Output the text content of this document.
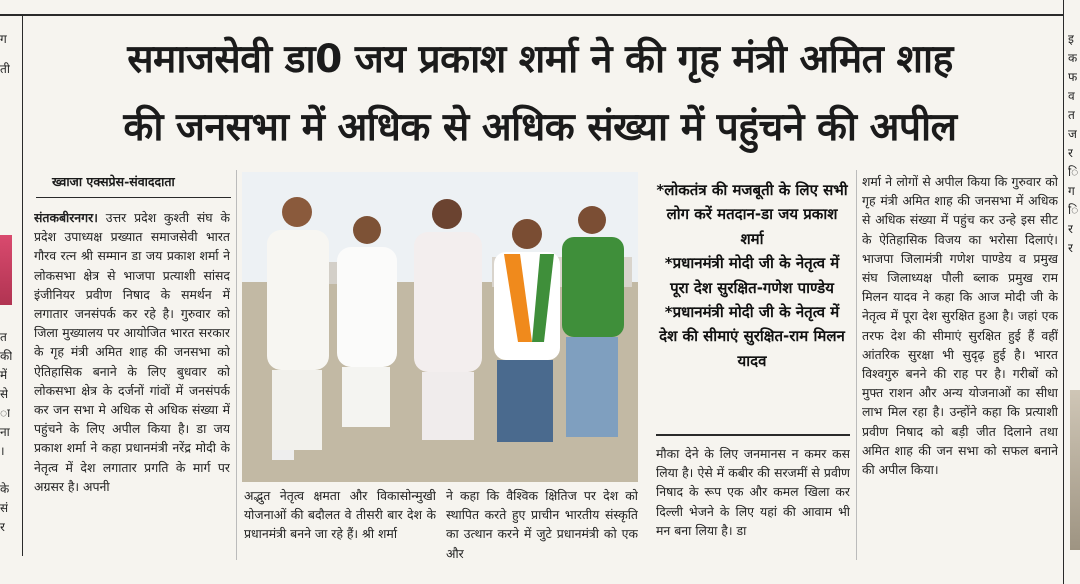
ग
ती
त
की
में
से
ा
ना
।
के
सं
र
इ
क
फ
व
त
ज
र
ि
ग
ि
र
र
समाजसेवी डा0 जय प्रकाश शर्मा ने की गृह मंत्री अमित शाह
की जनसभा में अधिक से अधिक संख्या में पहुंचने की अपील
ख्वाजा एक्सप्रेस-संवाददाता
संतकबीरनगर। उत्तर प्रदेश कुश्ती संघ के प्रदेश उपाध्यक्ष प्रख्यात समाजसेवी भारत गौरव रत्न श्री सम्मान डा जय प्रकाश शर्मा ने लोकसभा क्षेत्र से भाजपा प्रत्याशी सांसद इंजीनियर प्रवीण निषाद के समर्थन में लगातार जनसंपर्क कर रहे है। गुरुवार को जिला मुख्यालय पर आयोजित भारत सरकार के गृह मंत्री अमित शाह की जनसभा को ऐतिहासिक बनाने के लिए बुधवार को लोकसभा क्षेत्र के दर्जनों गांवों में जनसंपर्क कर जन सभा मे अधिक से अधिक संख्या में पहुंचने के लिए अपील किया है। डा जय प्रकाश शर्मा ने कहा प्रधानमंत्री नरेंद्र मोदी के नेतृत्व में देश लगातार प्रगति के मार्ग पर अग्रसर है। अपनी
अद्भुत नेतृत्व क्षमता और विकासोन्मुखी योजनाओं की बदौलत वे तीसरी बार देश के प्रधानमंत्री बनने जा रहे हैं। श्री शर्मा
ने कहा कि वैश्विक क्षितिज पर देश को स्थापित करते हुए प्राचीन भारतीय संस्कृति का उत्थान करने में जुटे प्रधानमंत्री को एक और
*लोकतंत्र की मजबूती के लिए सभी लोग करें मतदान-डा जय प्रकाश शर्मा
*प्रधानमंत्री मोदी जी के नेतृत्व में पूरा देश सुरक्षित-गणेश पाण्डेय
*प्रधानमंत्री मोदी जी के नेतृत्व में देश की सीमाएं सुरक्षित-राम मिलन यादव
मौका देने के लिए जनमानस न कमर कस लिया है। ऐसे में कबीर की सरजमीं से प्रवीण निषाद के रूप एक और कमल खिला कर दिल्ली भेजने के लिए यहां की आवाम भी मन बना लिया है। डा
शर्मा ने लोगों से अपील किया कि गुरुवार को गृह मंत्री अमित शाह की जनसभा में अधिक से अधिक संख्या में पहुंच कर उन्हे इस सीट के ऐतिहासिक विजय का भरोसा दिलाएं। भाजपा जिलामंत्री गणेश पाण्डेय व प्रमुख संघ जिलाध्यक्ष पौली ब्लाक प्रमुख राम मिलन यादव ने कहा कि आज मोदी जी के नेतृत्व में पूरा देश सुरक्षित हुआ है। जहां एक तरफ देश की सीमाएं सुरक्षित हुई हैं वहीं आंतरिक सुरक्षा भी सुदृढ़ हुई है। भारत विश्वगुरु बनने की राह पर है। गरीबों को मुफ्त राशन और अन्य योजनाओं का सीधा लाभ मिल रहा है। उन्होंने कहा कि प्रत्याशी प्रवीण निषाद को बड़ी जीत दिलाने तथा अमित शाह की जन सभा को सफल बनाने की अपील किया।
